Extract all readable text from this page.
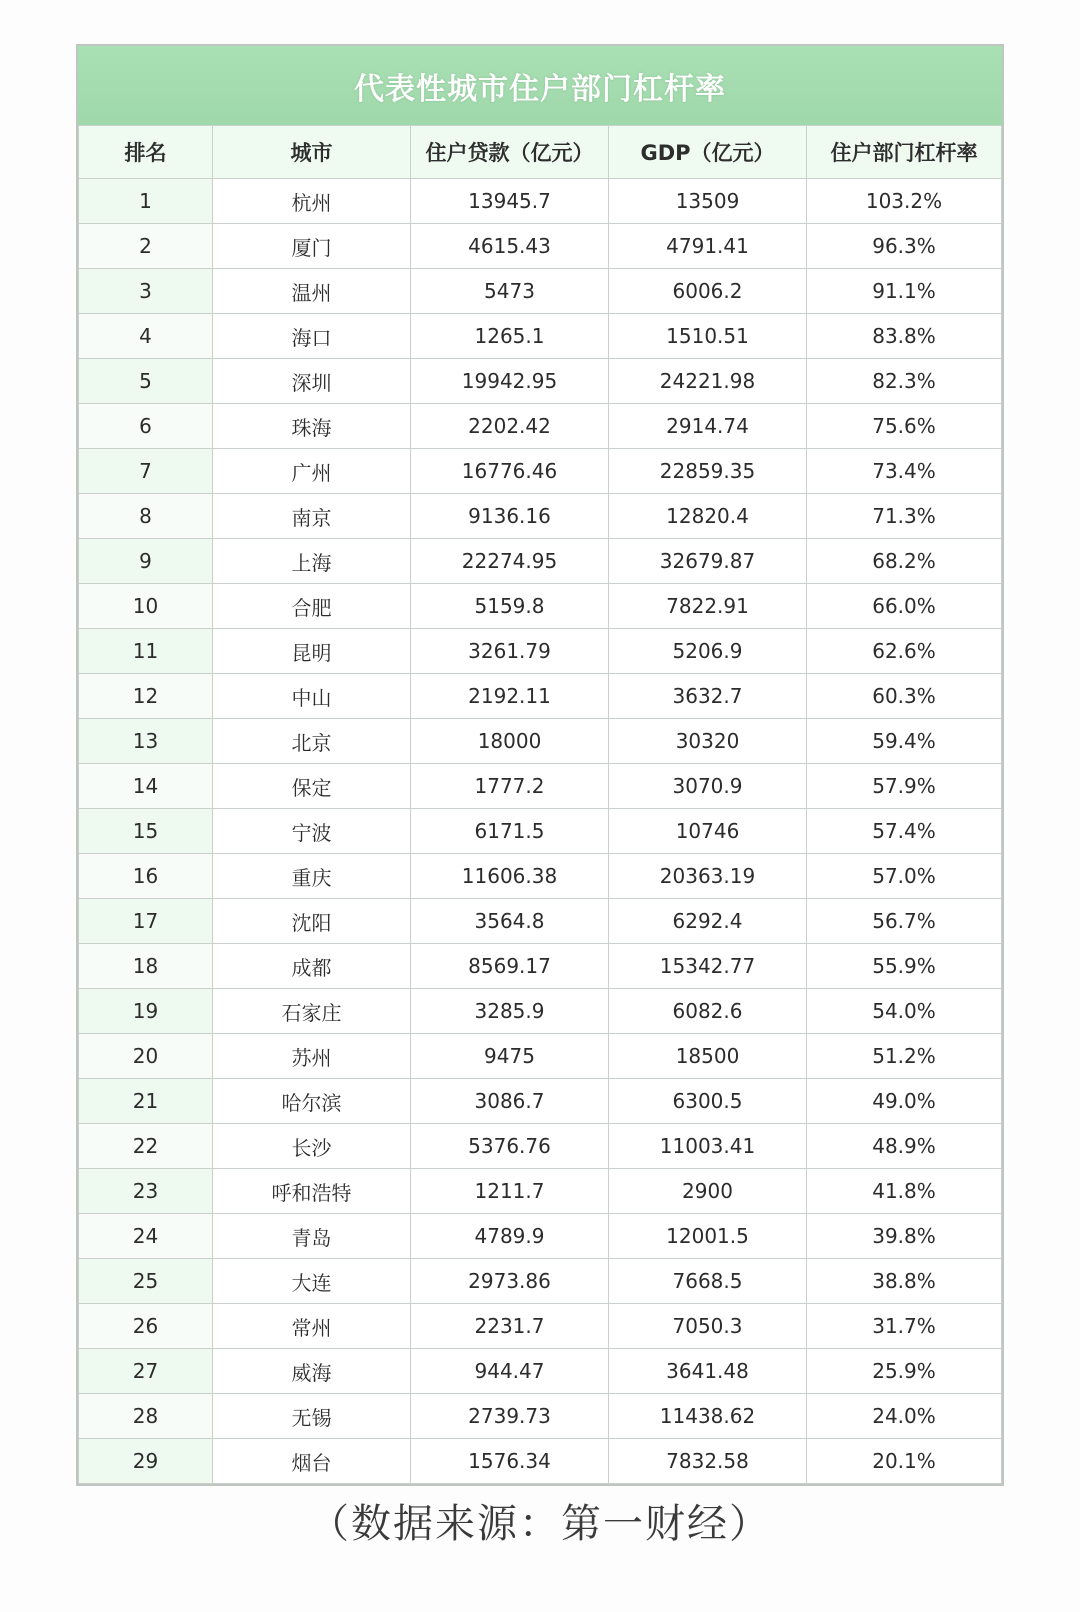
代表性城市住户部门杠杆率
排名	城市	住户贷款（亿元）	GDP（亿元）	住户部门杠杆率
1	杭州	13945.7	13509	103.2%
2	厦门	4615.43	4791.41	96.3%
3	温州	5473	6006.2	91.1%
4	海口	1265.1	1510.51	83.8%
5	深圳	19942.95	24221.98	82.3%
6	珠海	2202.42	2914.74	75.6%
7	广州	16776.46	22859.35	73.4%
8	南京	9136.16	12820.4	71.3%
9	上海	22274.95	32679.87	68.2%
10	合肥	5159.8	7822.91	66.0%
11	昆明	3261.79	5206.9	62.6%
12	中山	2192.11	3632.7	60.3%
13	北京	18000	30320	59.4%
14	保定	1777.2	3070.9	57.9%
15	宁波	6171.5	10746	57.4%
16	重庆	11606.38	20363.19	57.0%
17	沈阳	3564.8	6292.4	56.7%
18	成都	8569.17	15342.77	55.9%
19	石家庄	3285.9	6082.6	54.0%
20	苏州	9475	18500	51.2%
21	哈尔滨	3086.7	6300.5	49.0%
22	长沙	5376.76	11003.41	48.9%
23	呼和浩特	1211.7	2900	41.8%
24	青岛	4789.9	12001.5	39.8%
25	大连	2973.86	7668.5	38.8%
26	常州	2231.7	7050.3	31.7%
27	威海	944.47	3641.48	25.9%
28	无锡	2739.73	11438.62	24.0%
29	烟台	1576.34	7832.58	20.1%
（数据来源：第一财经）
